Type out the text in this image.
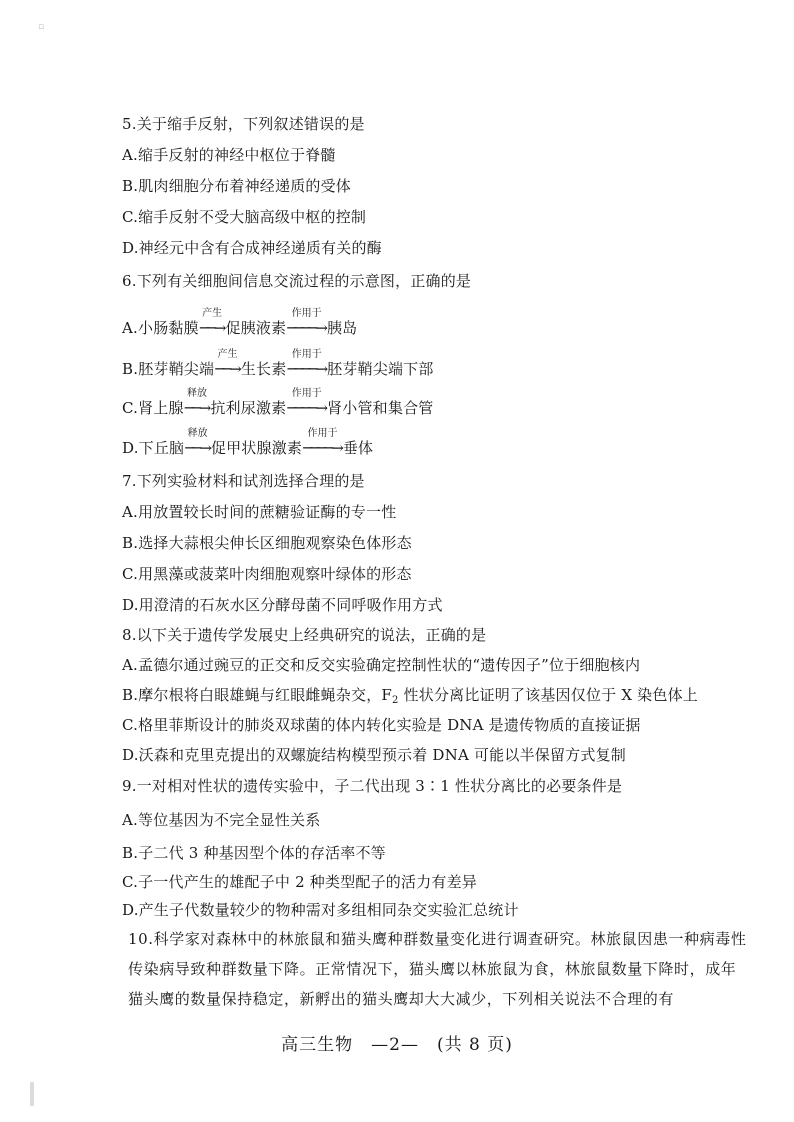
▫
5.关于缩手反射，下列叙述错误的是
A.缩手反射的神经中枢位于脊髓
B.肌肉细胞分布着神经递质的受体
C.缩手反射不受大脑高级中枢的控制
D.神经元中含有合成神经递质有关的酶
6.下列有关细胞间信息交流过程的示意图，正确的是
A.小肠黏膜
产生
──→促胰液素
作用于
────→胰岛
B.胚芽鞘尖端
产生
──→生长素
作用于
────→胚芽鞘尖端下部
C.肾上腺
释放
──→抗利尿激素
作用于
────→肾小管和集合管
D.下丘脑
释放
──→促甲状腺激素
作用于
────→垂体
7.下列实验材料和试剂选择合理的是
A.用放置较长时间的蔗糖验证酶的专一性
B.选择大蒜根尖伸长区细胞观察染色体形态
C.用黑藻或菠菜叶肉细胞观察叶绿体的形态
D.用澄清的石灰水区分酵母菌不同呼吸作用方式
8.以下关于遗传学发展史上经典研究的说法，正确的是
A.孟德尔通过豌豆的正交和反交实验确定控制性状的“遗传因子”位于细胞核内
B.摩尔根将白眼雄蝇与红眼雌蝇杂交，$F_2$ 性状分离比证明了该基因仅位于 X 染色体上
C.格里菲斯设计的肺炎双球菌的体内转化实验是 DNA 是遗传物质的直接证据
D.沃森和克里克提出的双螺旋结构模型预示着 DNA 可能以半保留方式复制
9.一对相对性状的遗传实验中，子二代出现 3∶1 性状分离比的必要条件是
A.等位基因为不完全显性关系
B.子二代 3 种基因型个体的存活率不等
C.子一代产生的雄配子中 2 种类型配子的活力有差异
D.产生子代数量较少的物种需对多组相同杂交实验汇总统计
10.科学家对森林中的林旅鼠和猫头鹰种群数量变化进行调查研究。林旅鼠因患一种病毒性传染病导致种群数量下降。正常情况下，猫头鹰以林旅鼠为食，林旅鼠数量下降时，成年猫头鹰的数量保持稳定，新孵出的猫头鹰却大大减少，下列相关说法不合理的有
高三生物　—2—　(共 8 页)
